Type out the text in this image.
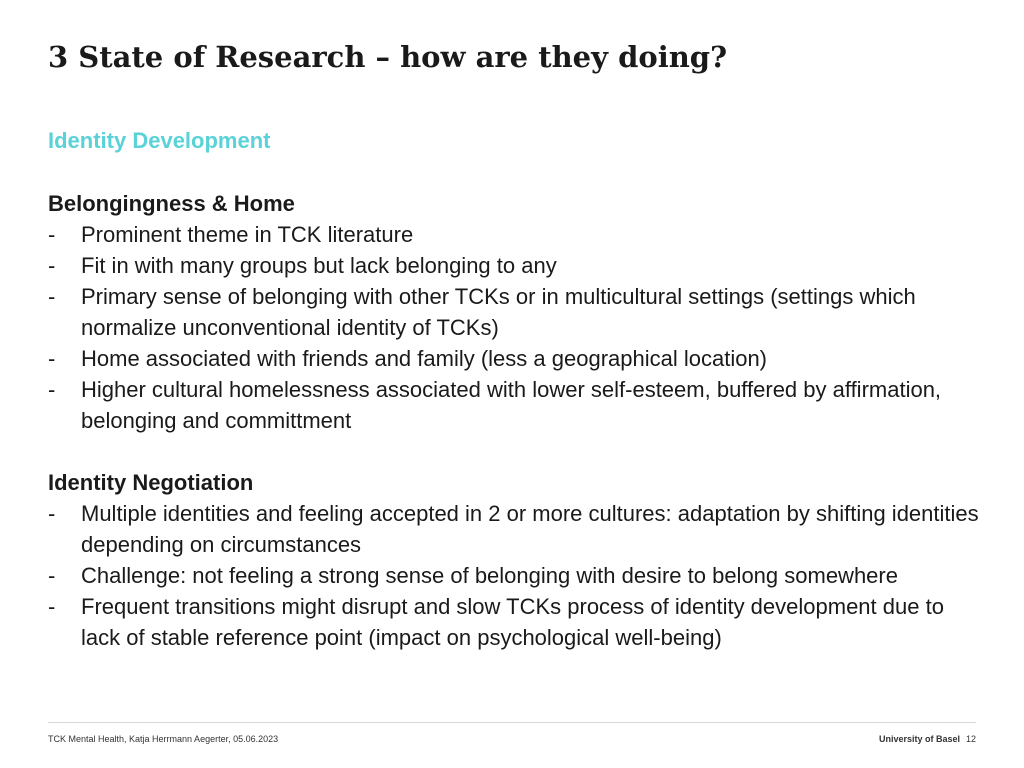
3 State of Research – how are they doing?
Identity Development
Belongingness & Home
- Prominent theme in TCK literature
- Fit in with many groups but lack belonging to any
- Primary sense of belonging with other TCKs or in multicultural settings (settings which normalize unconventional identity of TCKs)
- Home associated with friends and family (less a geographical location)
- Higher cultural homelessness associated with lower self-esteem, buffered by affirmation, belonging and committment
Identity Negotiation
- Multiple identities and feeling accepted in 2 or more cultures: adaptation by shifting identities depending on circumstances
- Challenge: not feeling a strong sense of belonging with desire to belong somewhere
- Frequent transitions might disrupt and slow TCKs process of identity development due to lack of stable reference point (impact on psychological well-being)
TCK Mental Health, Katja Herrmann Aegerter, 05.06.2023	University of Basel 12
